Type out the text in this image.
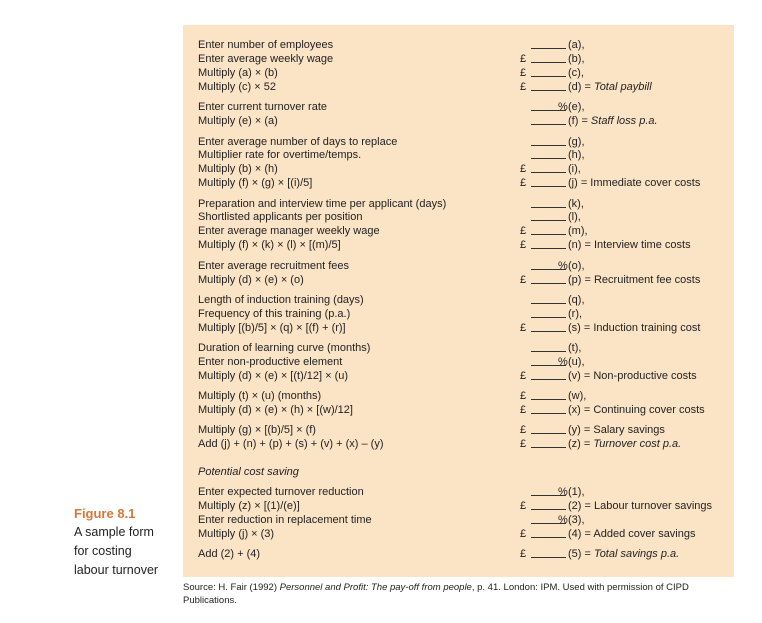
Enter number of employees	(a),
Enter average weekly wage	£	(b),
Multiply (a) × (b)	£	(c),
Multiply (c) × 52	£	(d) = Total paybill
Enter current turnover rate	% (e),
Multiply (e) × (a)	(f) = Staff loss p.a.
Enter average number of days to replace	(g),
Multiplier rate for overtime/temps.	(h),
Multiply (b) × (h)	£	(i),
Multiply (f) × (g) × [(i)/5]	£	(j) = Immediate cover costs
Preparation and interview time per applicant (days)	(k),
Shortlisted applicants per position	(l),
Enter average manager weekly wage	£	(m),
Multiply (f) × (k) × (l) × [(m)/5]	£	(n) = Interview time costs
Enter average recruitment fees	% (o),
Multiply (d) × (e) × (o)	£	(p) = Recruitment fee costs
Length of induction training (days)	(q),
Frequency of this training (p.a.)	(r),
Multiply [(b)/5] × (q) × [(f) + (r)]	£	(s) = Induction training cost
Duration of learning curve (months)	(t),
Enter non-productive element	% (u),
Multiply (d) × (e) × [(t)/12] × (u)	£	(v) = Non-productive costs
Multiply (t) × (u) (months)	£	(w),
Multiply (d) × (e) × (h) × [(w)/12]	£	(x) = Continuing cover costs
Multiply (g) × [(b)/5] × (f)	£	(y) = Salary savings
Add (j) + (n) + (p) + (s) + (v) + (x) – (y)	£	(z) = Turnover cost p.a.
Potential cost saving
Enter expected turnover reduction	% (1),
Multiply (z) × [(1)/(e)]	£	(2) = Labour turnover savings
Enter reduction in replacement time	% (3),
Multiply (j) × (3)	£	(4) = Added cover savings
Add (2) + (4)	£	(5) = Total savings p.a.
Figure 8.1
A sample form
for costing
labour turnover
Source: H. Fair (1992) Personnel and Profit: The pay-off from people, p. 41. London: IPM. Used with permission of CIPD Publications.
